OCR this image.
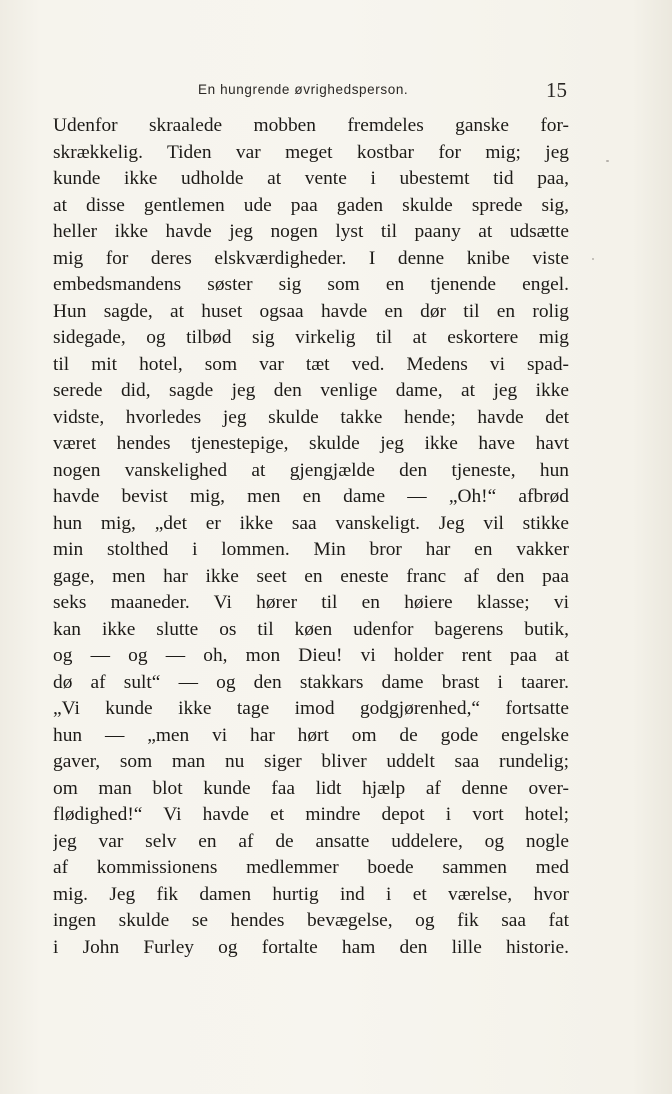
En hungrende øvrighedsperson.	15
Udenfor skraalede mobben fremdeles ganske for-
skrækkelig. Tiden var meget kostbar for mig; jeg
kunde ikke udholde at vente i ubestemt tid paa,
at disse gentlemen ude paa gaden skulde sprede sig,
heller ikke havde jeg nogen lyst til paany at udsætte
mig for deres elskværdigheder. I denne knibe viste
embedsmandens søster sig som en tjenende engel.
Hun sagde, at huset ogsaa havde en dør til en rolig
sidegade, og tilbød sig virkelig til at eskortere mig
til mit hotel, som var tæt ved. Medens vi spad-
serede did, sagde jeg den venlige dame, at jeg ikke
vidste, hvorledes jeg skulde takke hende; havde det
været hendes tjenestepige, skulde jeg ikke have havt
nogen vanskelighed at gjengjælde den tjeneste, hun
havde bevist mig, men en dame — „Oh!“ afbrød
hun mig, „det er ikke saa vanskeligt. Jeg vil stikke
min stolthed i lommen. Min bror har en vakker
gage, men har ikke seet en eneste franc af den paa
seks maaneder. Vi hører til en høiere klasse; vi
kan ikke slutte os til køen udenfor bagerens butik,
og — og — oh, mon Dieu! vi holder rent paa at
dø af sult“ — og den stakkars dame brast i taarer.
„Vi kunde ikke tage imod godgjørenhed,“ fortsatte
hun — „men vi har hørt om de gode engelske
gaver, som man nu siger bliver uddelt saa rundelig;
om man blot kunde faa lidt hjælp af denne over-
flødighed!“ Vi havde et mindre depot i vort hotel;
jeg var selv en af de ansatte uddelere, og nogle
af kommissionens medlemmer boede sammen med
mig. Jeg fik damen hurtig ind i et værelse, hvor
ingen skulde se hendes bevægelse, og fik saa fat
i John Furley og fortalte ham den lille historie.
